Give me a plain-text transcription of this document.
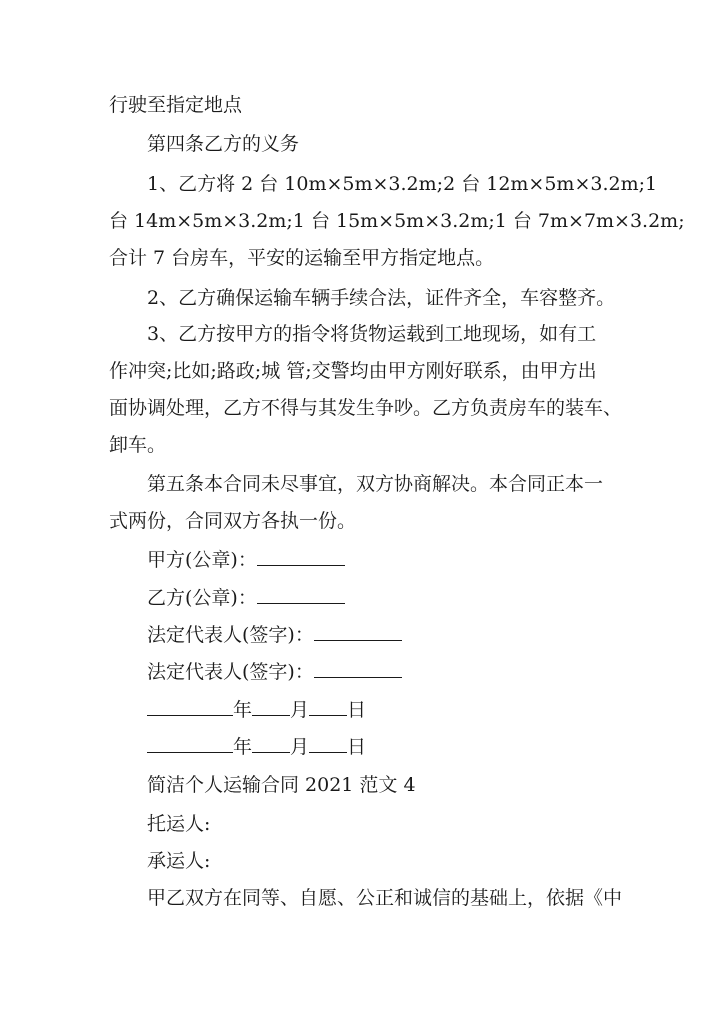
行驶至指定地点
第四条乙方的义务
1、乙方将 2 台 10m×5m×3.2m;2 台 12m×5m×3.2m;1
台 14m×5m×3.2m;1 台 15m×5m×3.2m;1 台 7m×7m×3.2m;
合计 7 台房车，平安的运输至甲方指定地点。
2、乙方确保运输车辆手续合法，证件齐全，车容整齐。
3、乙方按甲方的指令将货物运载到工地现场，如有工
作冲突;比如;路政;城 管;交警均由甲方刚好联系，由甲方出
面协调处理，乙方不得与其发生争吵。乙方负责房车的装车、
卸车。
第五条本合同未尽事宜，双方协商解决。本合同正本一
式两份，合同双方各执一份。
甲方(公章)：
乙方(公章)：
法定代表人(签字)：
法定代表人(签字)：
年 月 日
年 月 日
简洁个人运输合同 2021 范文 4
托运人:
承运人:
甲乙双方在同等、自愿、公正和诚信的基础上，依据《中
